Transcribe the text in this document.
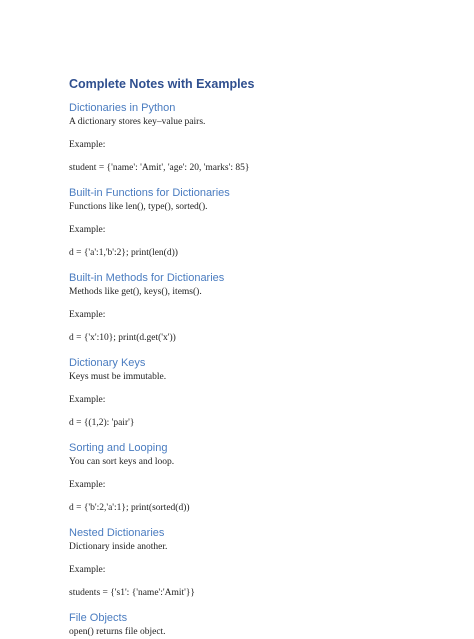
Complete Notes with Examples
Dictionaries in Python

A dictionary stores key–value pairs.

Example:

student = {'name': 'Amit', 'age': 20, 'marks': 85}

Built-in Functions for Dictionaries

Functions like len(), type(), sorted().

Example:

d = {'a':1,'b':2}; print(len(d))

Built-in Methods for Dictionaries

Methods like get(), keys(), items().

Example:

d = {'x':10}; print(d.get('x'))

Dictionary Keys

Keys must be immutable.

Example:

d = {(1,2): 'pair'}

Sorting and Looping

You can sort keys and loop.

Example:

d = {'b':2,'a':1}; print(sorted(d))

Nested Dictionaries

Dictionary inside another.

Example:

students = {'s1': {'name':'Amit'}}

File Objects

open() returns file object.
